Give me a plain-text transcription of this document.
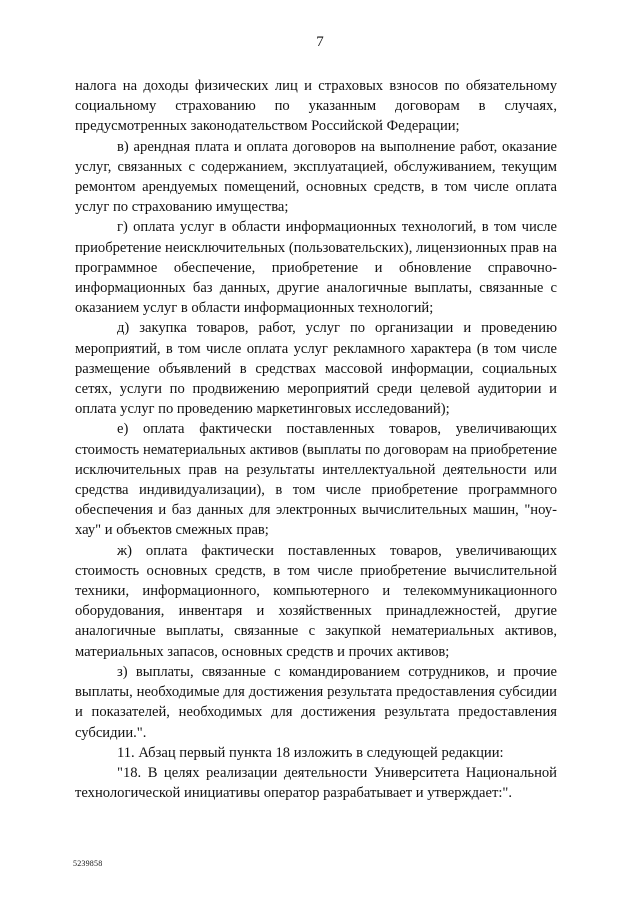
7

налога на доходы физических лиц и страховых взносов по обязательному социальному страхованию по указанным договорам в случаях, предусмотренных законодательством Российской Федерации;

в) арендная плата и оплата договоров на выполнение работ, оказание услуг, связанных с содержанием, эксплуатацией, обслуживанием, текущим ремонтом арендуемых помещений, основных средств, в том числе оплата услуг по страхованию имущества;

г) оплата услуг в области информационных технологий, в том числе приобретение неисключительных (пользовательских), лицензионных прав на программное обеспечение, приобретение и обновление справочно-информационных баз данных, другие аналогичные выплаты, связанные с оказанием услуг в области информационных технологий;

д) закупка товаров, работ, услуг по организации и проведению мероприятий, в том числе оплата услуг рекламного характера (в том числе размещение объявлений в средствах массовой информации, социальных сетях, услуги по продвижению мероприятий среди целевой аудитории и оплата услуг по проведению маркетинговых исследований);

е) оплата фактически поставленных товаров, увеличивающих стоимость нематериальных активов (выплаты по договорам на приобретение исключительных прав на результаты интеллектуальной деятельности или средства индивидуализации), в том числе приобретение программного обеспечения и баз данных для электронных вычислительных машин, "ноу-хау" и объектов смежных прав;

ж) оплата фактически поставленных товаров, увеличивающих стоимость основных средств, в том числе приобретение вычислительной техники, информационного, компьютерного и телекоммуникационного оборудования, инвентаря и хозяйственных принадлежностей, другие аналогичные выплаты, связанные с закупкой нематериальных активов, материальных запасов, основных средств и прочих активов;

з) выплаты, связанные с командированием сотрудников, и прочие выплаты, необходимые для достижения результата предоставления субсидии и показателей, необходимых для достижения результата предоставления субсидии.".

11. Абзац первый пункта 18 изложить в следующей редакции:

"18. В целях реализации деятельности Университета Национальной технологической инициативы оператор разрабатывает и утверждает:".

5239858
